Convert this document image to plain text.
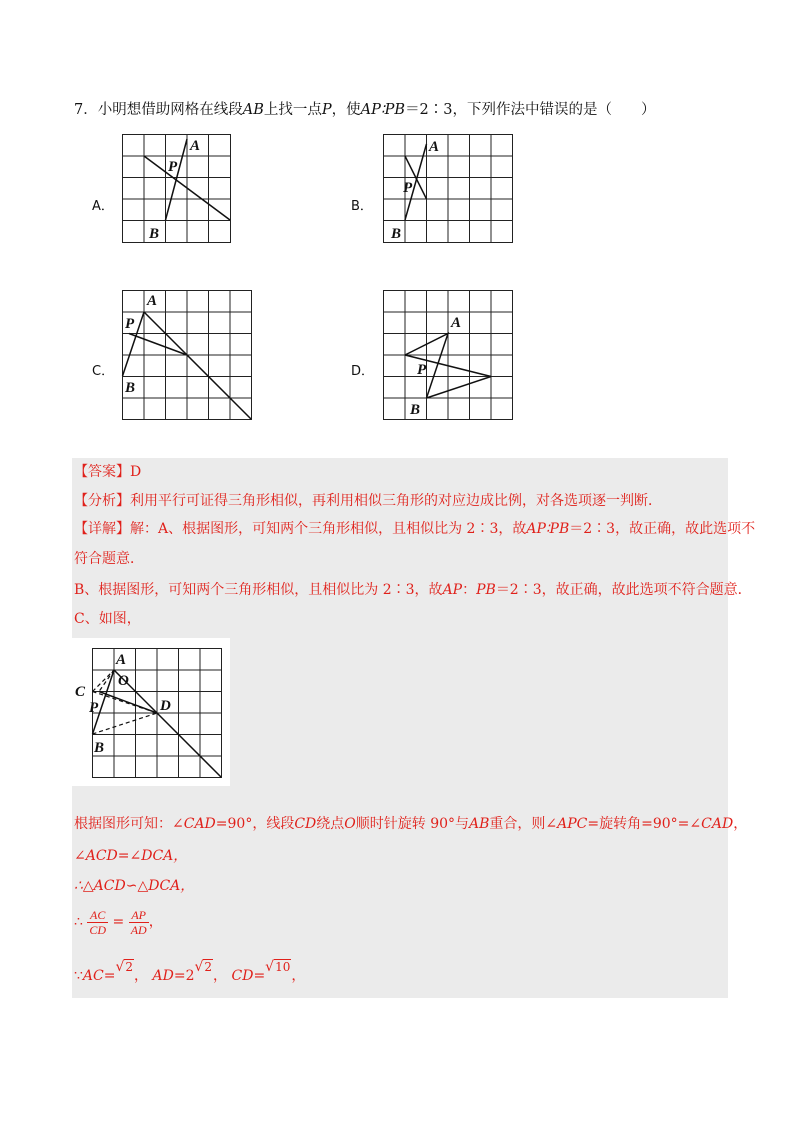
7．小明想借助网格在线段AB上找一点P，使AP∶PB＝2∶3，下列作法中错误的是（　　）
A．	B．
C．	D．
A
P
B
A
P
B
A
P
B
A
P
B
【答案】D
【分析】利用平行可证得三角形相似，再利用相似三角形的对应边成比例，对各选项逐一判断．
【详解】解：A、根据图形，可知两个三角形相似，且相似比为 2∶3，故AP∶PB＝2∶3，故正确，故此选项不
符合题意．
B、根据图形，可知两个三角形相似，且相似比为 2∶3，故AP：PB＝2∶3，故正确，故此选项不符合题意．
C、如图，
A
C
O
P	D
B
根据图形可知：∠CAD=90°，线段CD绕点O顺时针旋转 90°与AB重合，则∠APC=旋转角=90°=∠CAD，
∠ACD=∠DCA，
∴△ACD∽△DCA，
∴ $\frac{AC}{CD} = \frac{AP}{AD}$ ，
∵AC=√2， AD=2√2， CD=√10，
